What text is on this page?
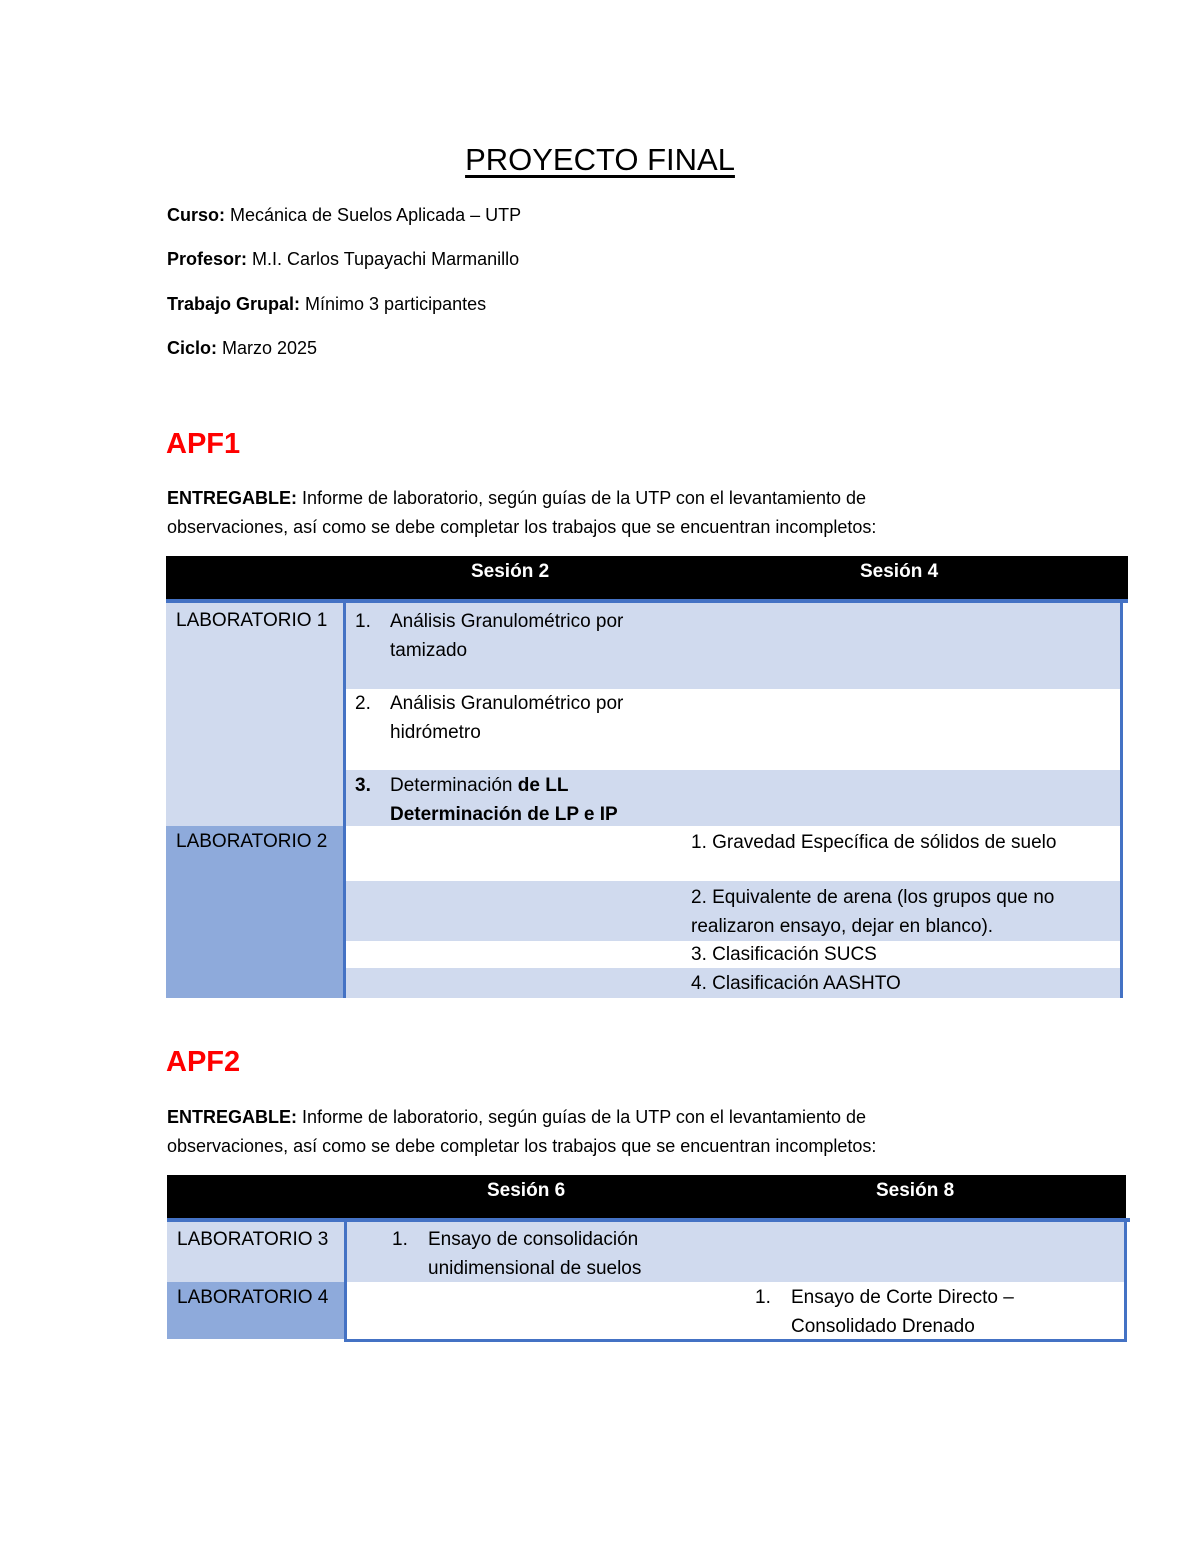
PROYECTO FINAL
Curso: Mecánica de Suelos Aplicada – UTP
Profesor: M.I. Carlos Tupayachi Marmanillo
Trabajo Grupal: Mínimo 3 participantes
Ciclo: Marzo 2025
APF1
ENTREGABLE: Informe de laboratorio, según guías de la UTP con el levantamiento de
observaciones, así como se debe completar los trabajos que se encuentran incompletos:
Sesión 2	Sesión 4
LABORATORIO 1
LABORATORIO 2
1. Análisis Granulométrico por
tamizado
2. Análisis Granulométrico por
hidrómetro
3. Determinación de LL
Determinación de LP e IP
1. Gravedad Específica de sólidos de suelo
2. Equivalente de arena (los grupos que no
realizaron ensayo, dejar en blanco).
3. Clasificación SUCS
4. Clasificación AASHTO
APF2
ENTREGABLE: Informe de laboratorio, según guías de la UTP con el levantamiento de
observaciones, así como se debe completar los trabajos que se encuentran incompletos:
Sesión 6	Sesión 8
LABORATORIO 3
LABORATORIO 4
1. Ensayo de consolidación
unidimensional de suelos
1. Ensayo de Corte Directo –
Consolidado Drenado
